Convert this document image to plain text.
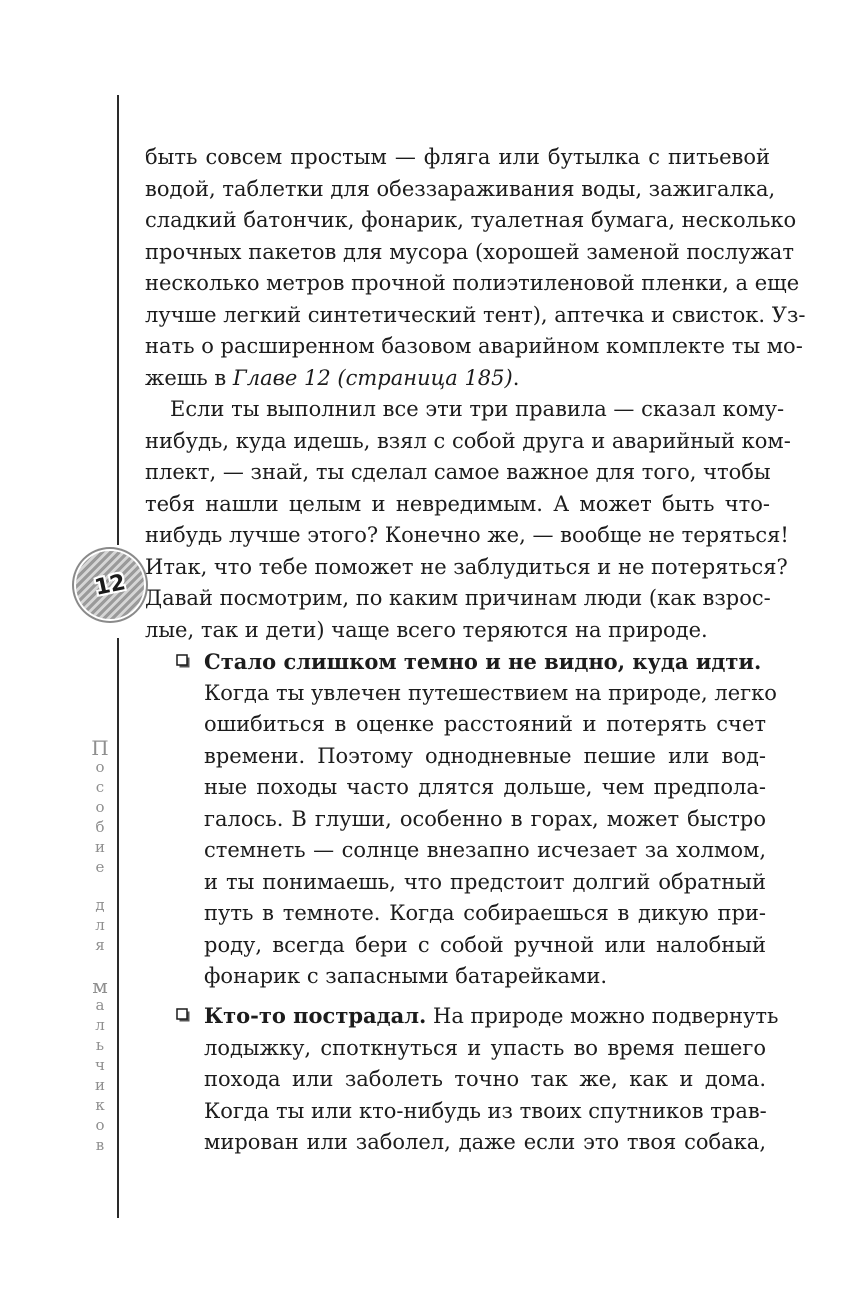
12
П
о
с
о
б
и
е
д
л
я
м
а
л
ь
ч
и
к
о
в
быть совсем простым — фляга или бутылка с питьевой
водой, таблетки для обеззараживания воды, зажигалка,
сладкий батончик, фонарик, туалетная бумага, несколько
прочных пакетов для мусора (хорошей заменой послужат
несколько метров прочной полиэтиленовой пленки, а еще
лучше легкий синтетический тент), аптечка и свисток. Уз-
нать о расширенном базовом аварийном комплекте ты мо-
жешь в Главе 12 (страница 185).
Если ты выполнил все эти три правила — сказал кому-
нибудь, куда идешь, взял с собой друга и аварийный ком-
плект, — знай, ты сделал самое важное для того, чтобы
тебя нашли целым и невредимым. А может быть что-
нибудь лучше этого? Конечно же, — вообще не теряться!
Итак, что тебе поможет не заблудиться и не потеряться?
Давай посмотрим, по каким причинам люди (как взрос-
лые, так и дети) чаще всего теряются на природе.
Стало слишком темно и не видно, куда идти.
Когда ты увлечен путешествием на природе, легко
ошибиться в оценке расстояний и потерять счет
времени. Поэтому однодневные пешие или вод-
ные походы часто длятся дольше, чем предпола-
галось. В глуши, особенно в горах, может быстро
стемнеть — солнце внезапно исчезает за холмом,
и ты понимаешь, что предстоит долгий обратный
путь в темноте. Когда собираешься в дикую при-
роду, всегда бери с собой ручной или налобный
фонарик с запасными батарейками.
Кто-то пострадал. На природе можно подвернуть
лодыжку, споткнуться и упасть во время пешего
похода или заболеть точно так же, как и дома.
Когда ты или кто-нибудь из твоих спутников трав-
мирован или заболел, даже если это твоя собака,
